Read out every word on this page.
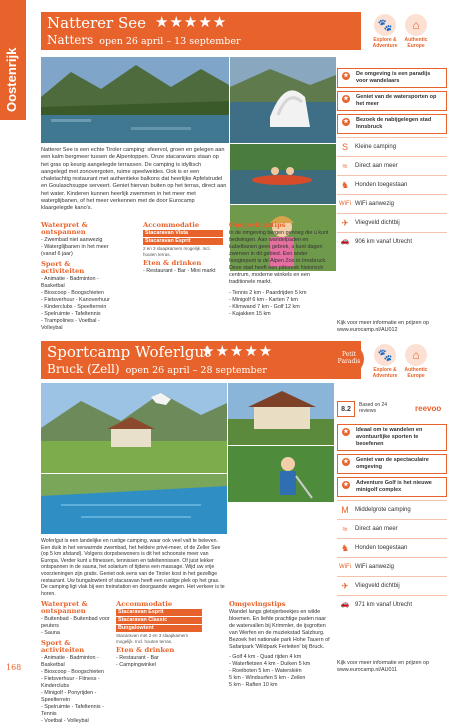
Oostenrijk
Natterer See ★★★★★
Natters open 26 april – 13 september
🐾
Explore & Adventure
⌂
Authentic Europe
★ De omgeving is een paradijs voor wandelaars
★ Geniet van de watersporten op het meer
★ Bezoek de nabijgelegen stad Innsbruck
S	Kleine camping
≈	Direct aan meer
♞ Honden toegestaan
WiFi WiFi aanwezig
✈	Vliegveld dichtbij
🚗 906 km vanaf Utrecht
Natterer See is een echte Tiroler camping: sfeervol, groen en gelegen aan een kalm bergmeer tussen de Alpentoppen. Onze stacaravans staan op het gras op keurig aangelegde terrassen. De camping is idyllisch aangelegd met zonovergoten, ruime speelweides. Ook is er een chaletachtig restaurant met authentieke balkons dat heerlijke Apfelstrudel en Goulaschsuppe serveert. Geniet hiervan buiten op het terras, direct aan het water. Kinderen kunnen heerlijk zwemmen in het meer met waterglijbanen, of het meer verkennen met de door Eurocamp klaargelegde kano's.
Waterpret & ontspannen
- Zwembad niet aanwezig
- Waterglijbanen in het meer (vanaf 6 jaar)
Sport & activiteiten
- Animatie - Badminton - Basketbal
- Bioscoop - Boogschieten
- Fietsverhuur - Kanoverhuur
- Kinderclubs - Speelterrein
- Spelruimte - Tafeltennis
- Trampolines - Voetbal - Volleybal
Accommodatie
Stacaravan Vista
Stacaravan Esprit
2 en 3 slaapkamers mogelijk. Incl. houten terras.
Eten & drinken
- Restaurant - Bar - Mini markt
Omgevingstips
In de omgeving bergen genoeg die u kunt bedwingen. Aan wandelpaden en kabelbanen geen gebrek, u kunt dagen zwerven in dit gebied. Een ander hoogtepunt is de Alpen Zoo in Innsbruck. Deze stad heeft een pittoresk historisch centrum, moderne winkels en een traditionele markt.
- Tennis 2 km - Paardrijden 5 km
- Minigolf 6 km - Karten 7 km
- Klimwand 7 km - Golf 12 km
- Kajakken 15 km
Kijk voor meer informatie en prijzen op www.eurocamp.nl/AU012
Sportcamp Woferlgut
★★★★★
Bruck (Zell) open 26 april – 28 september
Petit Paradis	🐾
Explore & Adventure
⌂
Authentic Europe
8.2
Based on 24 reviews	reevoo
★ Ideaal om te wandelen en avontuurlijke sporten te beoefenen
★ Geniet van de spectaculaire omgeving
★ Adventure Golf is het nieuwe minigolf complex
M	Middelgrote camping
≈	Direct aan meer
♞ Honden toegestaan
WiFi WiFi aanwezig
✈	Vliegveld dichtbij
🚗 971 km vanaf Utrecht
Woferlgut is een landelijke en rustige camping, waar ook veel valt te beleven. Een duik in het verwarmde zwembad, het heldere privé-meer, of de Zeller See (op 5 km afstand). Volgens dorpsbewoners is dit het schoonste meer van Europa. Verder kunt u fitnessen, tennissen en tafeltennissen. Of juist lekker ontspannen in de sauna, het solarium of tijdens een massage. Wijd uw vrije voorzieningen zijn gratis. Geniet ook eens van de Tiroler kost in het gezellige restaurant. Uw bungalowtent of stacaravan heeft een rustige plek op het gras. De camping ligt vlak bij een treinstation en doorgaande wegen. Het verkeer is te horen.
Waterpret & ontspannen
- Buitenbad - Buitenbad voor peuters
- Sauna
Sport & activiteiten
- Animatie - Badminton - Basketbal
- Bioscoop - Boogschieten
- Fietsverhuur - Fitness - Kinderclubs
- Minigolf - Ponyrijden - Speelterrein
- Spelruimte - Tafeltennis - Tennis
- Voetbal - Volleybal
Accommodatie
Stacaravan Esprit
Stacaravan Classic
Bungalowtent
Stacaravan met 2 en 3 slaapkamers mogelijk. Incl. houten terras.
Eten & drinken
- Restaurant - Bar
- Campingwinkel
Omgevingstips
Wandel langs gletsjerbeekjes en wilde bloemen. En liefde prachtige paden naar de watervallen bij Krimmler, de ijsgrotten van Werfen en de muziekstad Salzburg. Bezoek het nationale park Hohe Tauern of Safaripark 'Wildpark Ferleiten' bij Bruck.
- Golf 4 km - Quad rijden 4 km
- Waterfietsen 4 km - Duiken 5 km
- Roeiboten 5 km - Waterskiën
5 km - Windsurfen 5 km - Zeilen
5 km - Raften 10 km
Kijk voor meer informatie en prijzen op www.eurocamp.nl/AU011
168
